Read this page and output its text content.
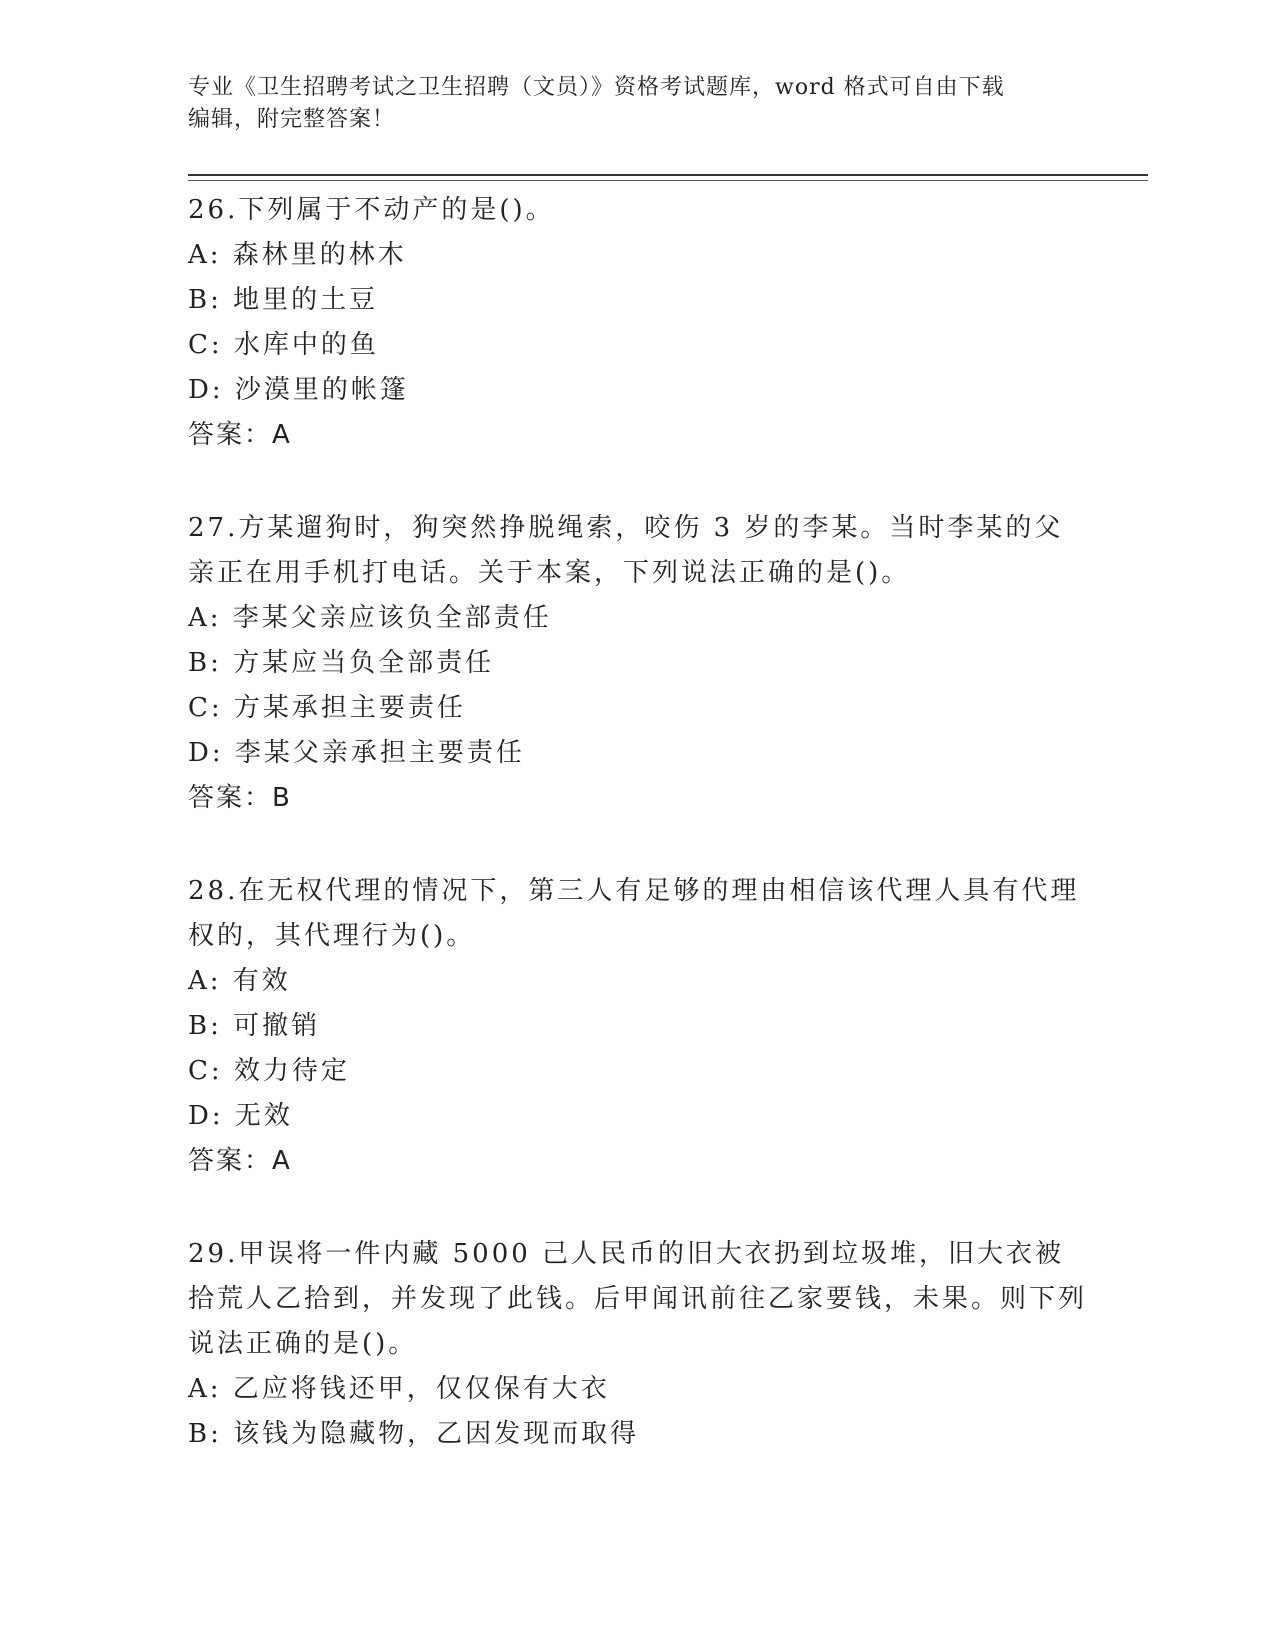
专业《卫生招聘考试之卫生招聘（文员）》资格考试题库，word 格式可自由下载
编辑，附完整答案！

26.下列属于不动产的是()。

A: 森林里的林木

B: 地里的土豆

C: 水库中的鱼

D: 沙漠里的帐篷

答案：A

27.方某遛狗时，狗突然挣脱绳索，咬伤 3 岁的李某。当时李某的父亲正在用手机打电话。关于本案，下列说法正确的是()。

A: 李某父亲应该负全部责任

B: 方某应当负全部责任

C: 方某承担主要责任

D: 李某父亲承担主要责任

答案：B

28.在无权代理的情况下，第三人有足够的理由相信该代理人具有代理权的，其代理行为()。

A: 有效

B: 可撤销

C: 效力待定

D: 无效

答案：A

29.甲误将一件内藏 5000 己人民币的旧大衣扔到垃圾堆，旧大衣被拾荒人乙拾到，并发现了此钱。后甲闻讯前往乙家要钱，未果。则下列说法正确的是()。

A: 乙应将钱还甲，仅仅保有大衣

B: 该钱为隐藏物，乙因发现而取得
